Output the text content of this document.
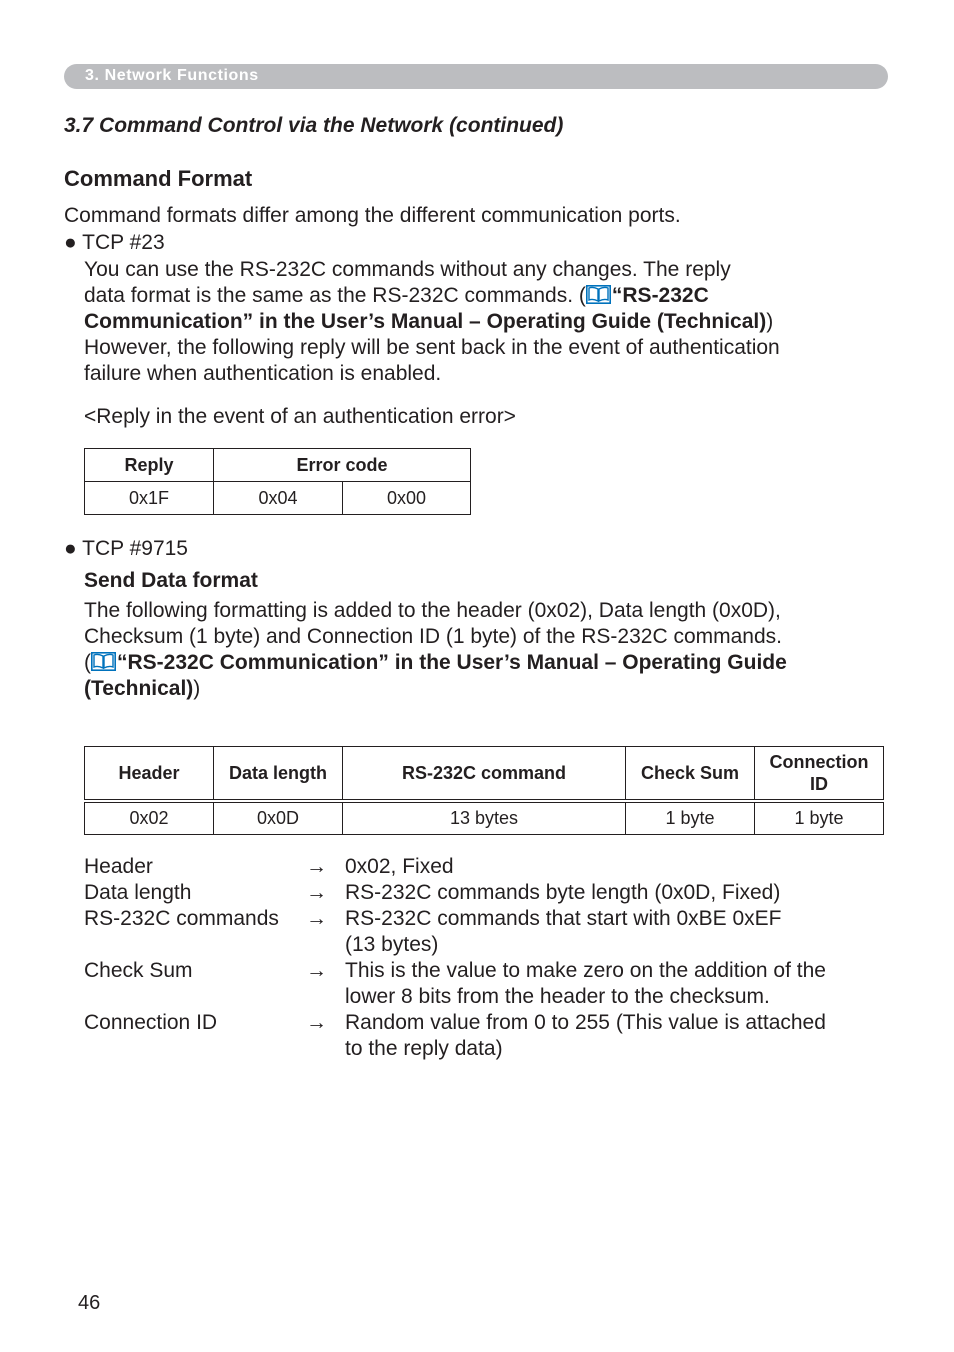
3. Network Functions
3.7 Command Control via the Network (continued)
Command Format
Command formats differ among the different communication ports.
● TCP #23
You can use the RS-232C commands without any changes. The reply
data format is the same as the RS-232C commands. ( “RS-232C
Communication” in the User’s Manual – Operating Guide (Technical))
However, the following reply will be sent back in the event of authentication
failure when authentication is enabled.
<Reply in the event of an authentication error>
Reply	Error code	
0x1F	0x04	0x00
● TCP #9715
Send Data format
The following formatting is added to the header (0x02), Data length (0x0D),
Checksum (1 byte) and Connection ID (1 byte) of the RS-232C commands.
( “RS-232C Communication” in the User’s Manual – Operating Guide
(Technical))
Header	Data length	RS-232C command	Check Sum	Connection
ID
0x02	0x0D	13 bytes	1 byte	1 byte
Header	→ 0x02, Fixed
Data length	→ RS-232C commands byte length (0x0D, Fixed)
RS-232C commands → RS-232C commands that start with 0xBE 0xEF
(13 bytes)
Check Sum	→ This is the value to make zero on the addition of the
lower 8 bits from the header to the checksum.
Connection ID	→ Random value from 0 to 255 (This value is attached
to the reply data)
46
